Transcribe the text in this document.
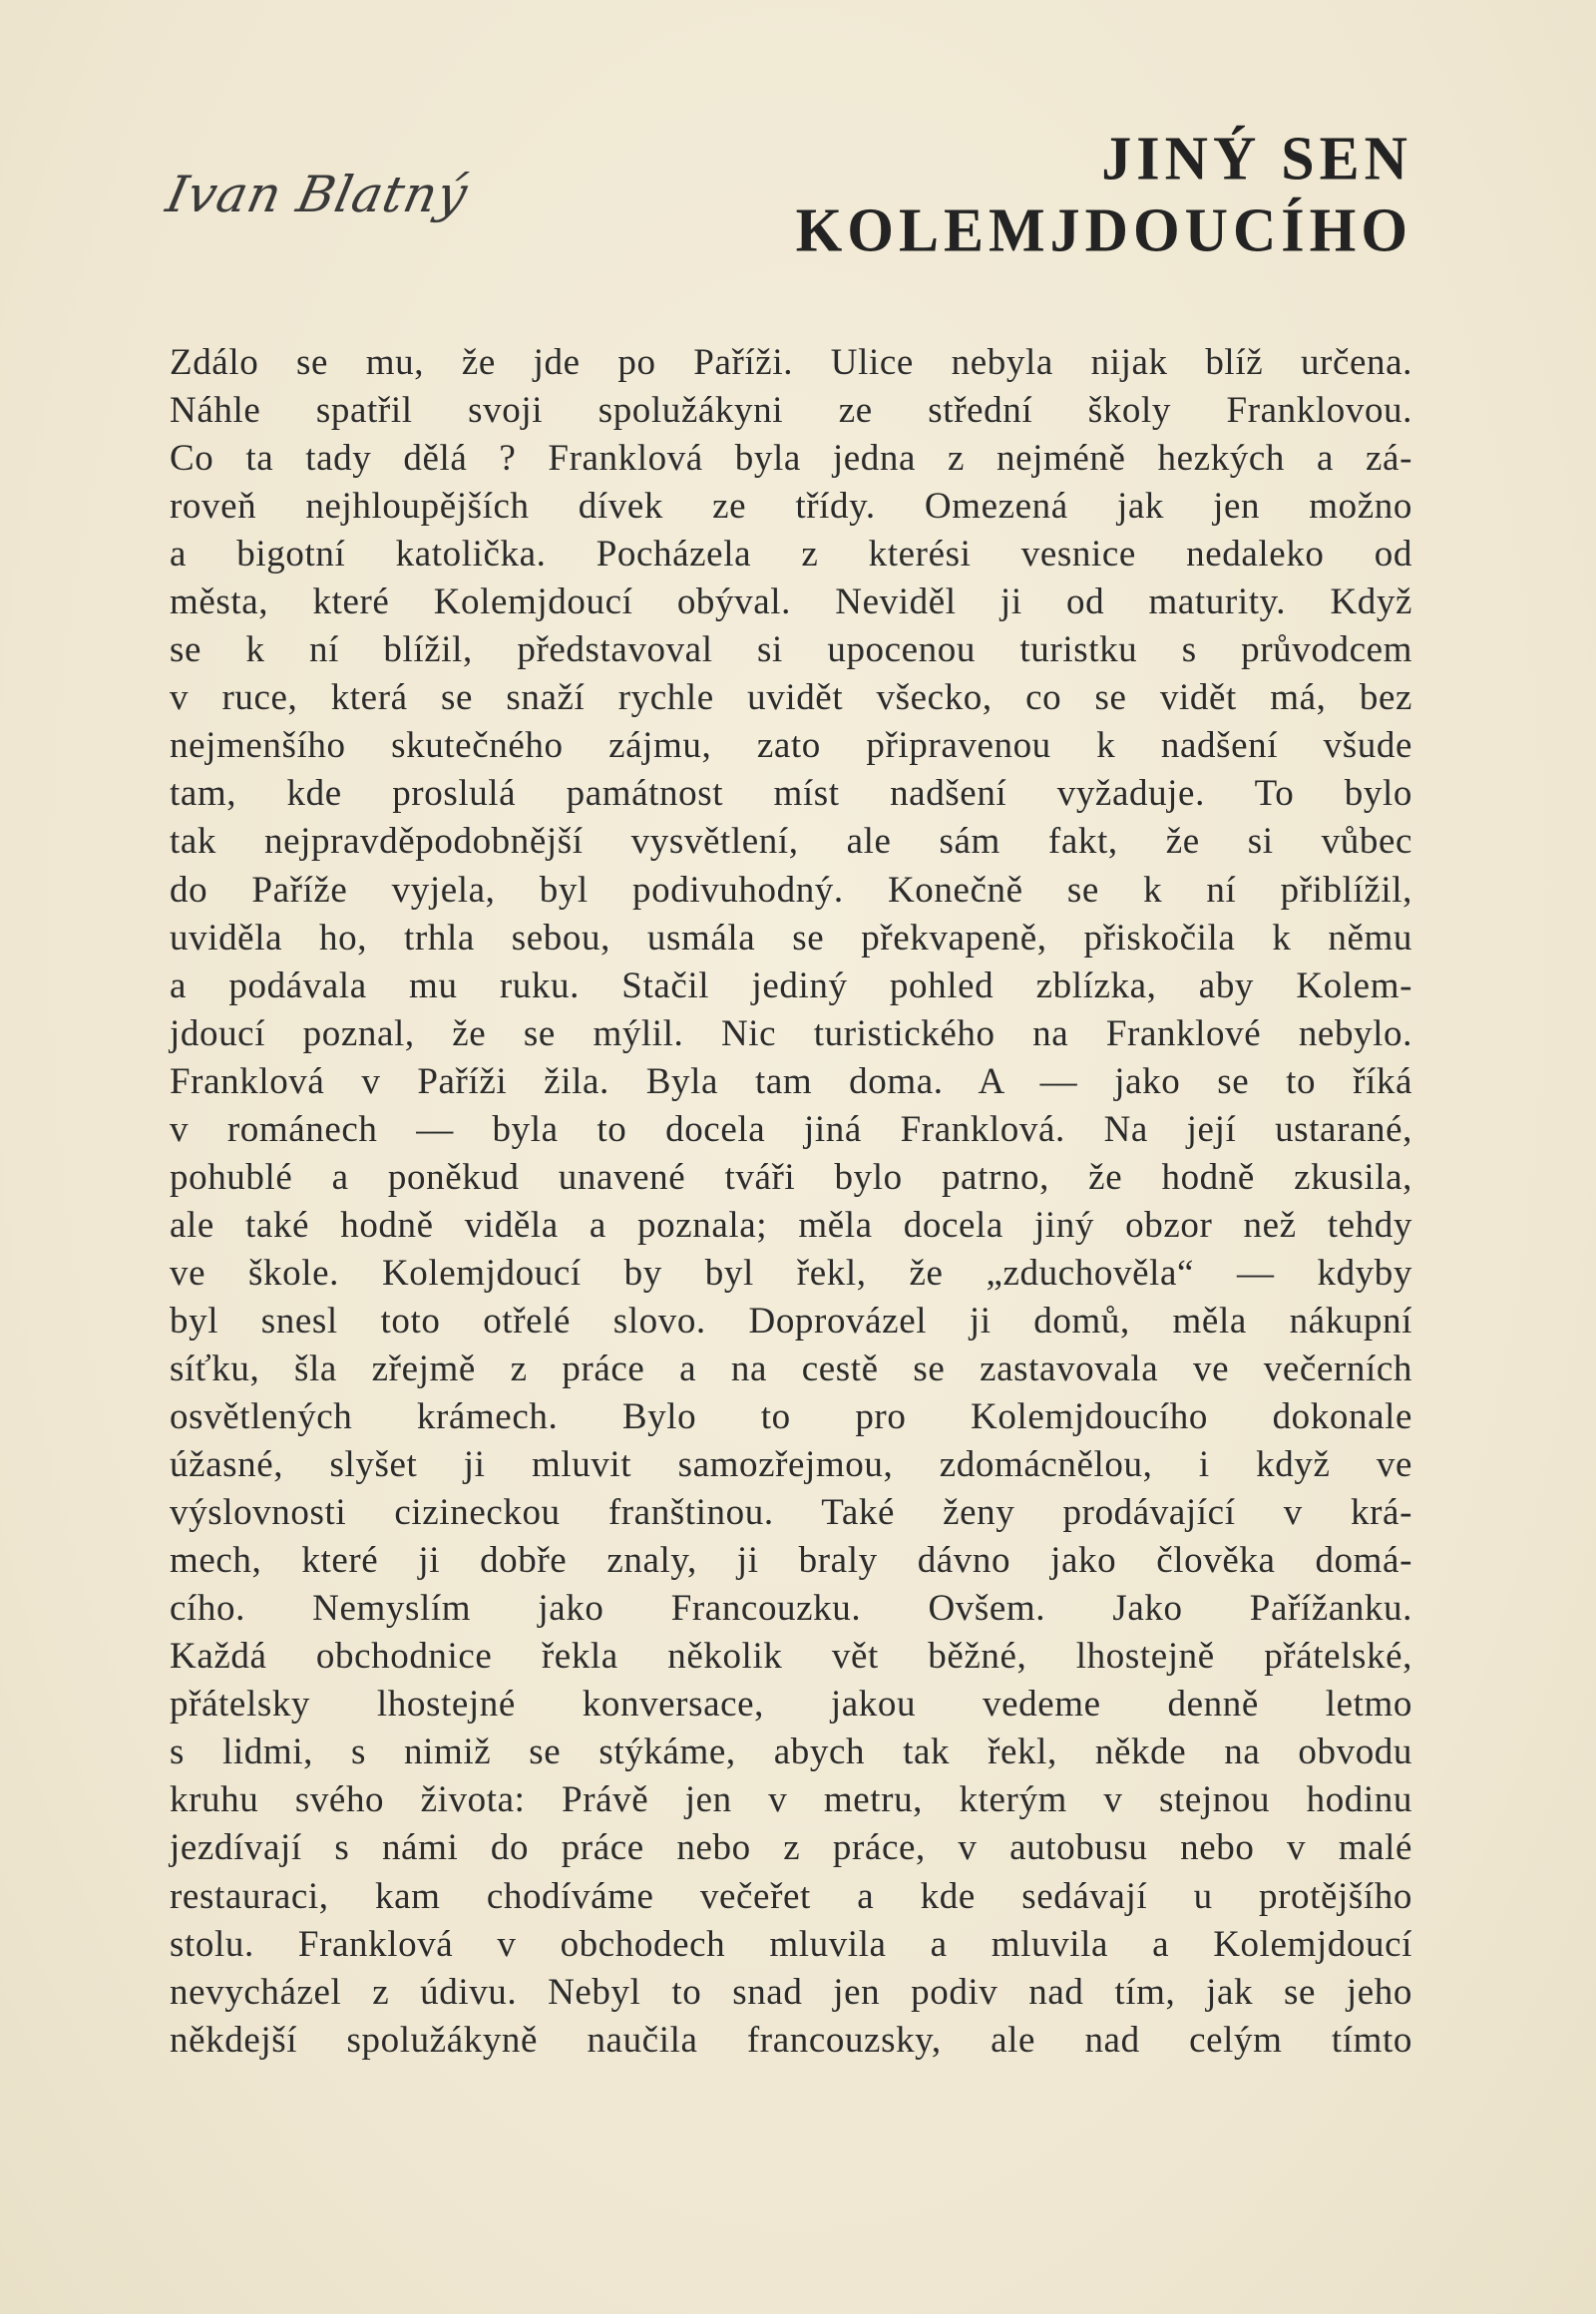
Ivan Blatný
JINÝ SEN KOLEMJDOUCÍHO
Zdálo se mu, že jde po Paříži. Ulice nebyla nijak blíž určena.
Náhle spatřil svoji spolužákyni ze střední školy Franklovou.
Co ta tady dělá ? Franklová byla jedna z nejméně hezkých a zá-
roveň nejhloupějších dívek ze třídy. Omezená jak jen možno
a bigotní katolička. Pocházela z kterési vesnice nedaleko od
města, které Kolemjdoucí obýval. Neviděl ji od maturity. Když
se k ní blížil, představoval si upocenou turistku s průvodcem
v ruce, která se snaží rychle uvidět všecko, co se vidět má, bez
nejmenšího skutečného zájmu, zato připravenou k nadšení všude
tam, kde proslulá památnost míst nadšení vyžaduje. To bylo
tak nejpravděpodobnější vysvětlení, ale sám fakt, že si vůbec
do Paříže vyjela, byl podivuhodný. Konečně se k ní přiblížil,
uviděla ho, trhla sebou, usmála se překvapeně, přiskočila k němu
a podávala mu ruku. Stačil jediný pohled zblízka, aby Kolem-
jdoucí poznal, že se mýlil. Nic turistického na Franklové nebylo.
Franklová v Paříži žila. Byla tam doma. A — jako se to říká
v románech — byla to docela jiná Franklová. Na její ustarané,
pohublé a poněkud unavené tváři bylo patrno, že hodně zkusila,
ale také hodně viděla a poznala; měla docela jiný obzor než tehdy
ve škole. Kolemjdoucí by byl řekl, že „zduchověla“ — kdyby
byl snesl toto otřelé slovo. Doprovázel ji domů, měla nákupní
síťku, šla zřejmě z práce a na cestě se zastavovala ve večerních
osvětlených krámech. Bylo to pro Kolemjdoucího dokonale
úžasné, slyšet ji mluvit samozřejmou, zdomácnělou, i když ve
výslovnosti cizineckou franštinou. Také ženy prodávající v krá-
mech, které ji dobře znaly, ji braly dávno jako člověka domá-
cího. Nemyslím jako Francouzku. Ovšem. Jako Pařížanku.
Každá obchodnice řekla několik vět běžné, lhostejně přátelské,
přátelsky lhostejné konversace, jakou vedeme denně letmo
s lidmi, s nimiž se stýkáme, abych tak řekl, někde na obvodu
kruhu svého života: Právě jen v metru, kterým v stejnou hodinu
jezdívají s námi do práce nebo z práce, v autobusu nebo v malé
restauraci, kam chodíváme večeřet a kde sedávají u protějšího
stolu. Franklová v obchodech mluvila a mluvila a Kolemjdoucí
nevycházel z údivu. Nebyl to snad jen podiv nad tím, jak se jeho
někdejší spolužákyně naučila francouzsky, ale nad celým tímto
